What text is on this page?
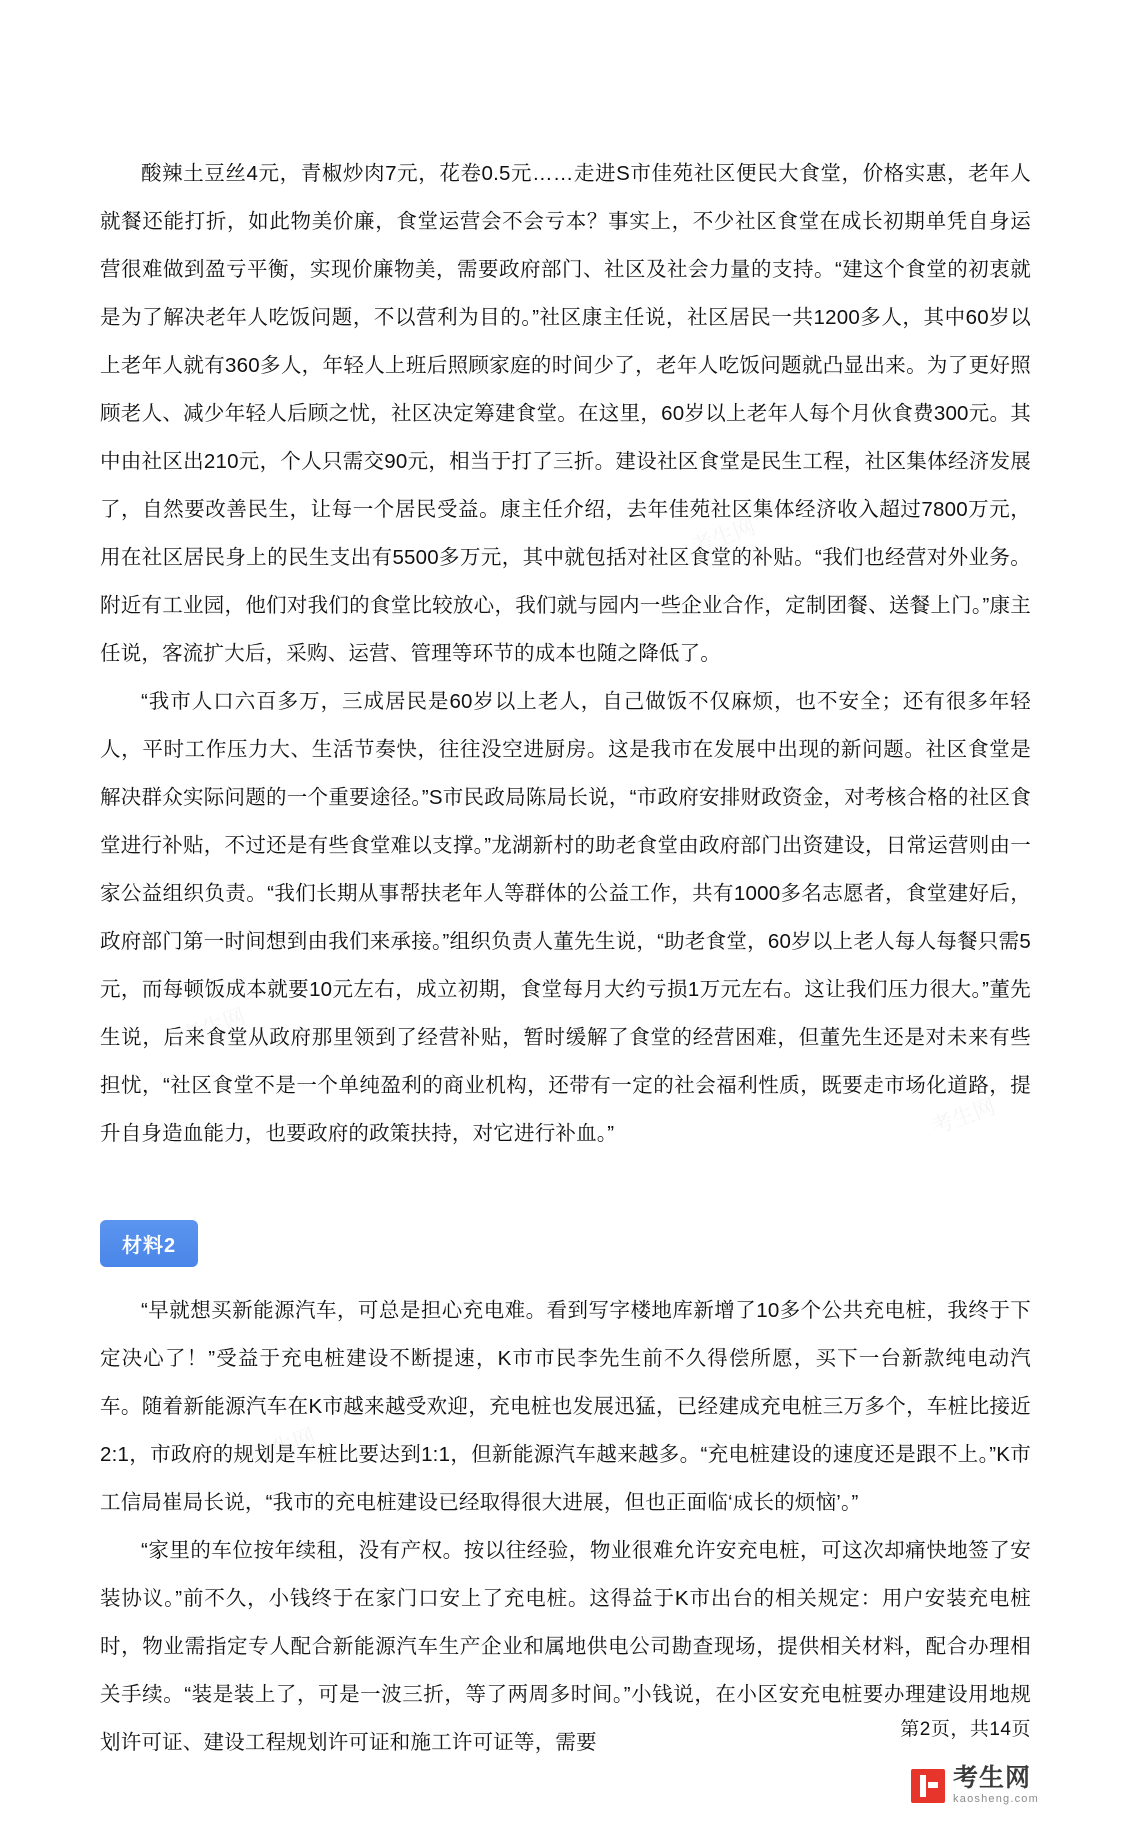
酸辣土豆丝4元，青椒炒肉7元，花卷0.5元……走进S市佳苑社区便民大食堂，价格实惠，老年人就餐还能打折，如此物美价廉，食堂运营会不会亏本？事实上，不少社区食堂在成长初期单凭自身运营很难做到盈亏平衡，实现价廉物美，需要政府部门、社区及社会力量的支持。“建这个食堂的初衷就是为了解决老年人吃饭问题，不以营利为目的。”社区康主任说，社区居民一共1200多人，其中60岁以上老年人就有360多人，年轻人上班后照顾家庭的时间少了，老年人吃饭问题就凸显出来。为了更好照顾老人、减少年轻人后顾之忧，社区决定筹建食堂。在这里，60岁以上老年人每个月伙食费300元。其中由社区出210元，个人只需交90元，相当于打了三折。建设社区食堂是民生工程，社区集体经济发展了，自然要改善民生，让每一个居民受益。康主任介绍，去年佳苑社区集体经济收入超过7800万元，用在社区居民身上的民生支出有5500多万元，其中就包括对社区食堂的补贴。“我们也经营对外业务。附近有工业园，他们对我们的食堂比较放心，我们就与园内一些企业合作，定制团餐、送餐上门。”康主任说，客流扩大后，采购、运营、管理等环节的成本也随之降低了。

“我市人口六百多万，三成居民是60岁以上老人，自己做饭不仅麻烦，也不安全；还有很多年轻人，平时工作压力大、生活节奏快，往往没空进厨房。这是我市在发展中出现的新问题。社区食堂是解决群众实际问题的一个重要途径。”S市民政局陈局长说，“市政府安排财政资金，对考核合格的社区食堂进行补贴，不过还是有些食堂难以支撑。”龙湖新村的助老食堂由政府部门出资建设，日常运营则由一家公益组织负责。“我们长期从事帮扶老年人等群体的公益工作，共有1000多名志愿者，食堂建好后，政府部门第一时间想到由我们来承接。”组织负责人董先生说，“助老食堂，60岁以上老人每人每餐只需5元，而每顿饭成本就要10元左右，成立初期，食堂每月大约亏损1万元左右。这让我们压力很大。”董先生说，后来食堂从政府那里领到了经营补贴，暂时缓解了食堂的经营困难，但董先生还是对未来有些担忧，“社区食堂不是一个单纯盈利的商业机构，还带有一定的社会福利性质，既要走市场化道路，提升自身造血能力，也要政府的政策扶持，对它进行补血。”

材料2

“早就想买新能源汽车，可总是担心充电难。看到写字楼地库新增了10多个公共充电桩，我终于下定决心了！”受益于充电桩建设不断提速，K市市民李先生前不久得偿所愿，买下一台新款纯电动汽车。随着新能源汽车在K市越来越受欢迎，充电桩也发展迅猛，已经建成充电桩三万多个，车桩比接近2:1，市政府的规划是车桩比要达到1:1，但新能源汽车越来越多。“充电桩建设的速度还是跟不上。”K市工信局崔局长说，“我市的充电桩建设已经取得很大进展，但也正面临‘成长的烦恼’。”

“家里的车位按年续租，没有产权。按以往经验，物业很难允许安充电桩，可这次却痛快地签了安装协议。”前不久，小钱终于在家门口安上了充电桩。这得益于K市出台的相关规定：用户安装充电桩时，物业需指定专人配合新能源汽车生产企业和属地供电公司勘查现场，提供相关材料，配合办理相关手续。“装是装上了，可是一波三折，等了两周多时间。”小钱说，在小区安充电桩要办理建设用地规划许可证、建设工程规划许可证和施工许可证等，需要

第2页，共14页
考生网
kaosheng.com
